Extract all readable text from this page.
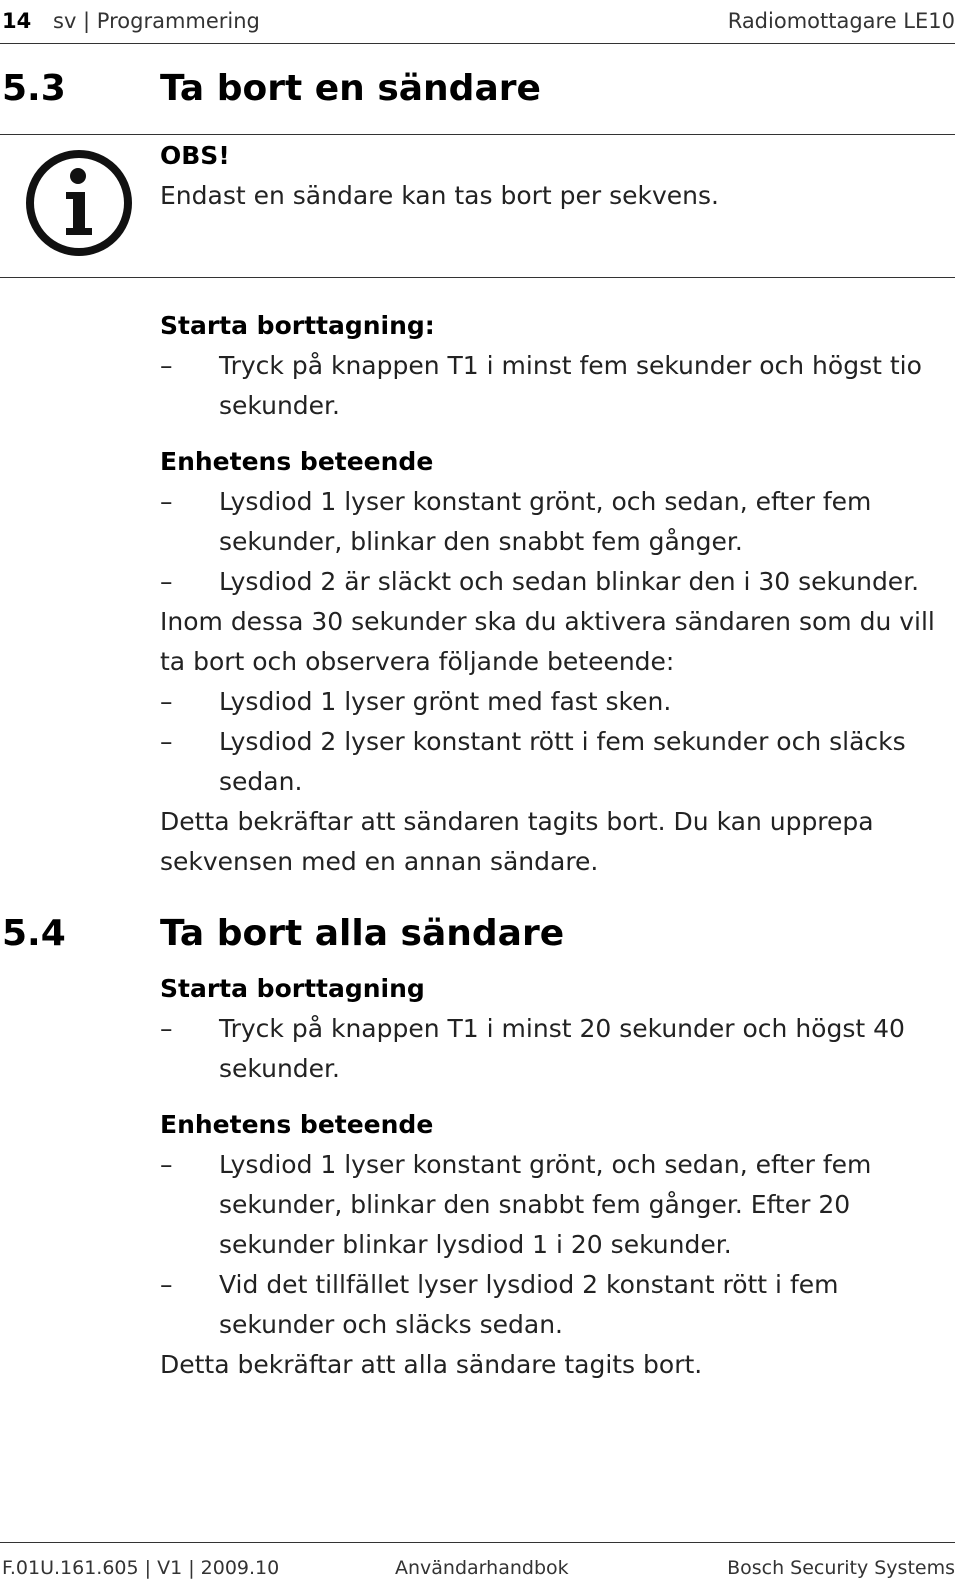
14 sv | Programmering	Radiomottagare LE10
5.3	Ta bort en sändare

OBS!

Endast en sändare kan tas bort per sekvens.

Starta borttagning:

– Tryck på knappen T1 i minst fem sekunder och högst tio sekunder.

Enhetens beteende

– Lysdiod 1 lyser konstant grönt, och sedan, efter fem sekunder, blinkar den snabbt fem gånger.
– Lysdiod 2 är släckt och sedan blinkar den i 30 sekunder.

Inom dessa 30 sekunder ska du aktivera sändaren som du vill ta bort och observera följande beteende:

– Lysdiod 1 lyser grönt med fast sken.
– Lysdiod 2 lyser konstant rött i fem sekunder och släcks sedan.

Detta bekräftar att sändaren tagits bort. Du kan upprepa sekvensen med en annan sändare.

5.4	Ta bort alla sändare

Starta borttagning

– Tryck på knappen T1 i minst 20 sekunder och högst 40 sekunder.

Enhetens beteende

– Lysdiod 1 lyser konstant grönt, och sedan, efter fem sekunder, blinkar den snabbt fem gånger. Efter 20 sekunder blinkar lysdiod 1 i 20 sekunder.
– Vid det tillfället lyser lysdiod 2 konstant rött i fem sekunder och släcks sedan.

Detta bekräftar att alla sändare tagits bort.

F.01U.161.605 | V1 | 2009.10	Användarhandbok	Bosch Security Systems
